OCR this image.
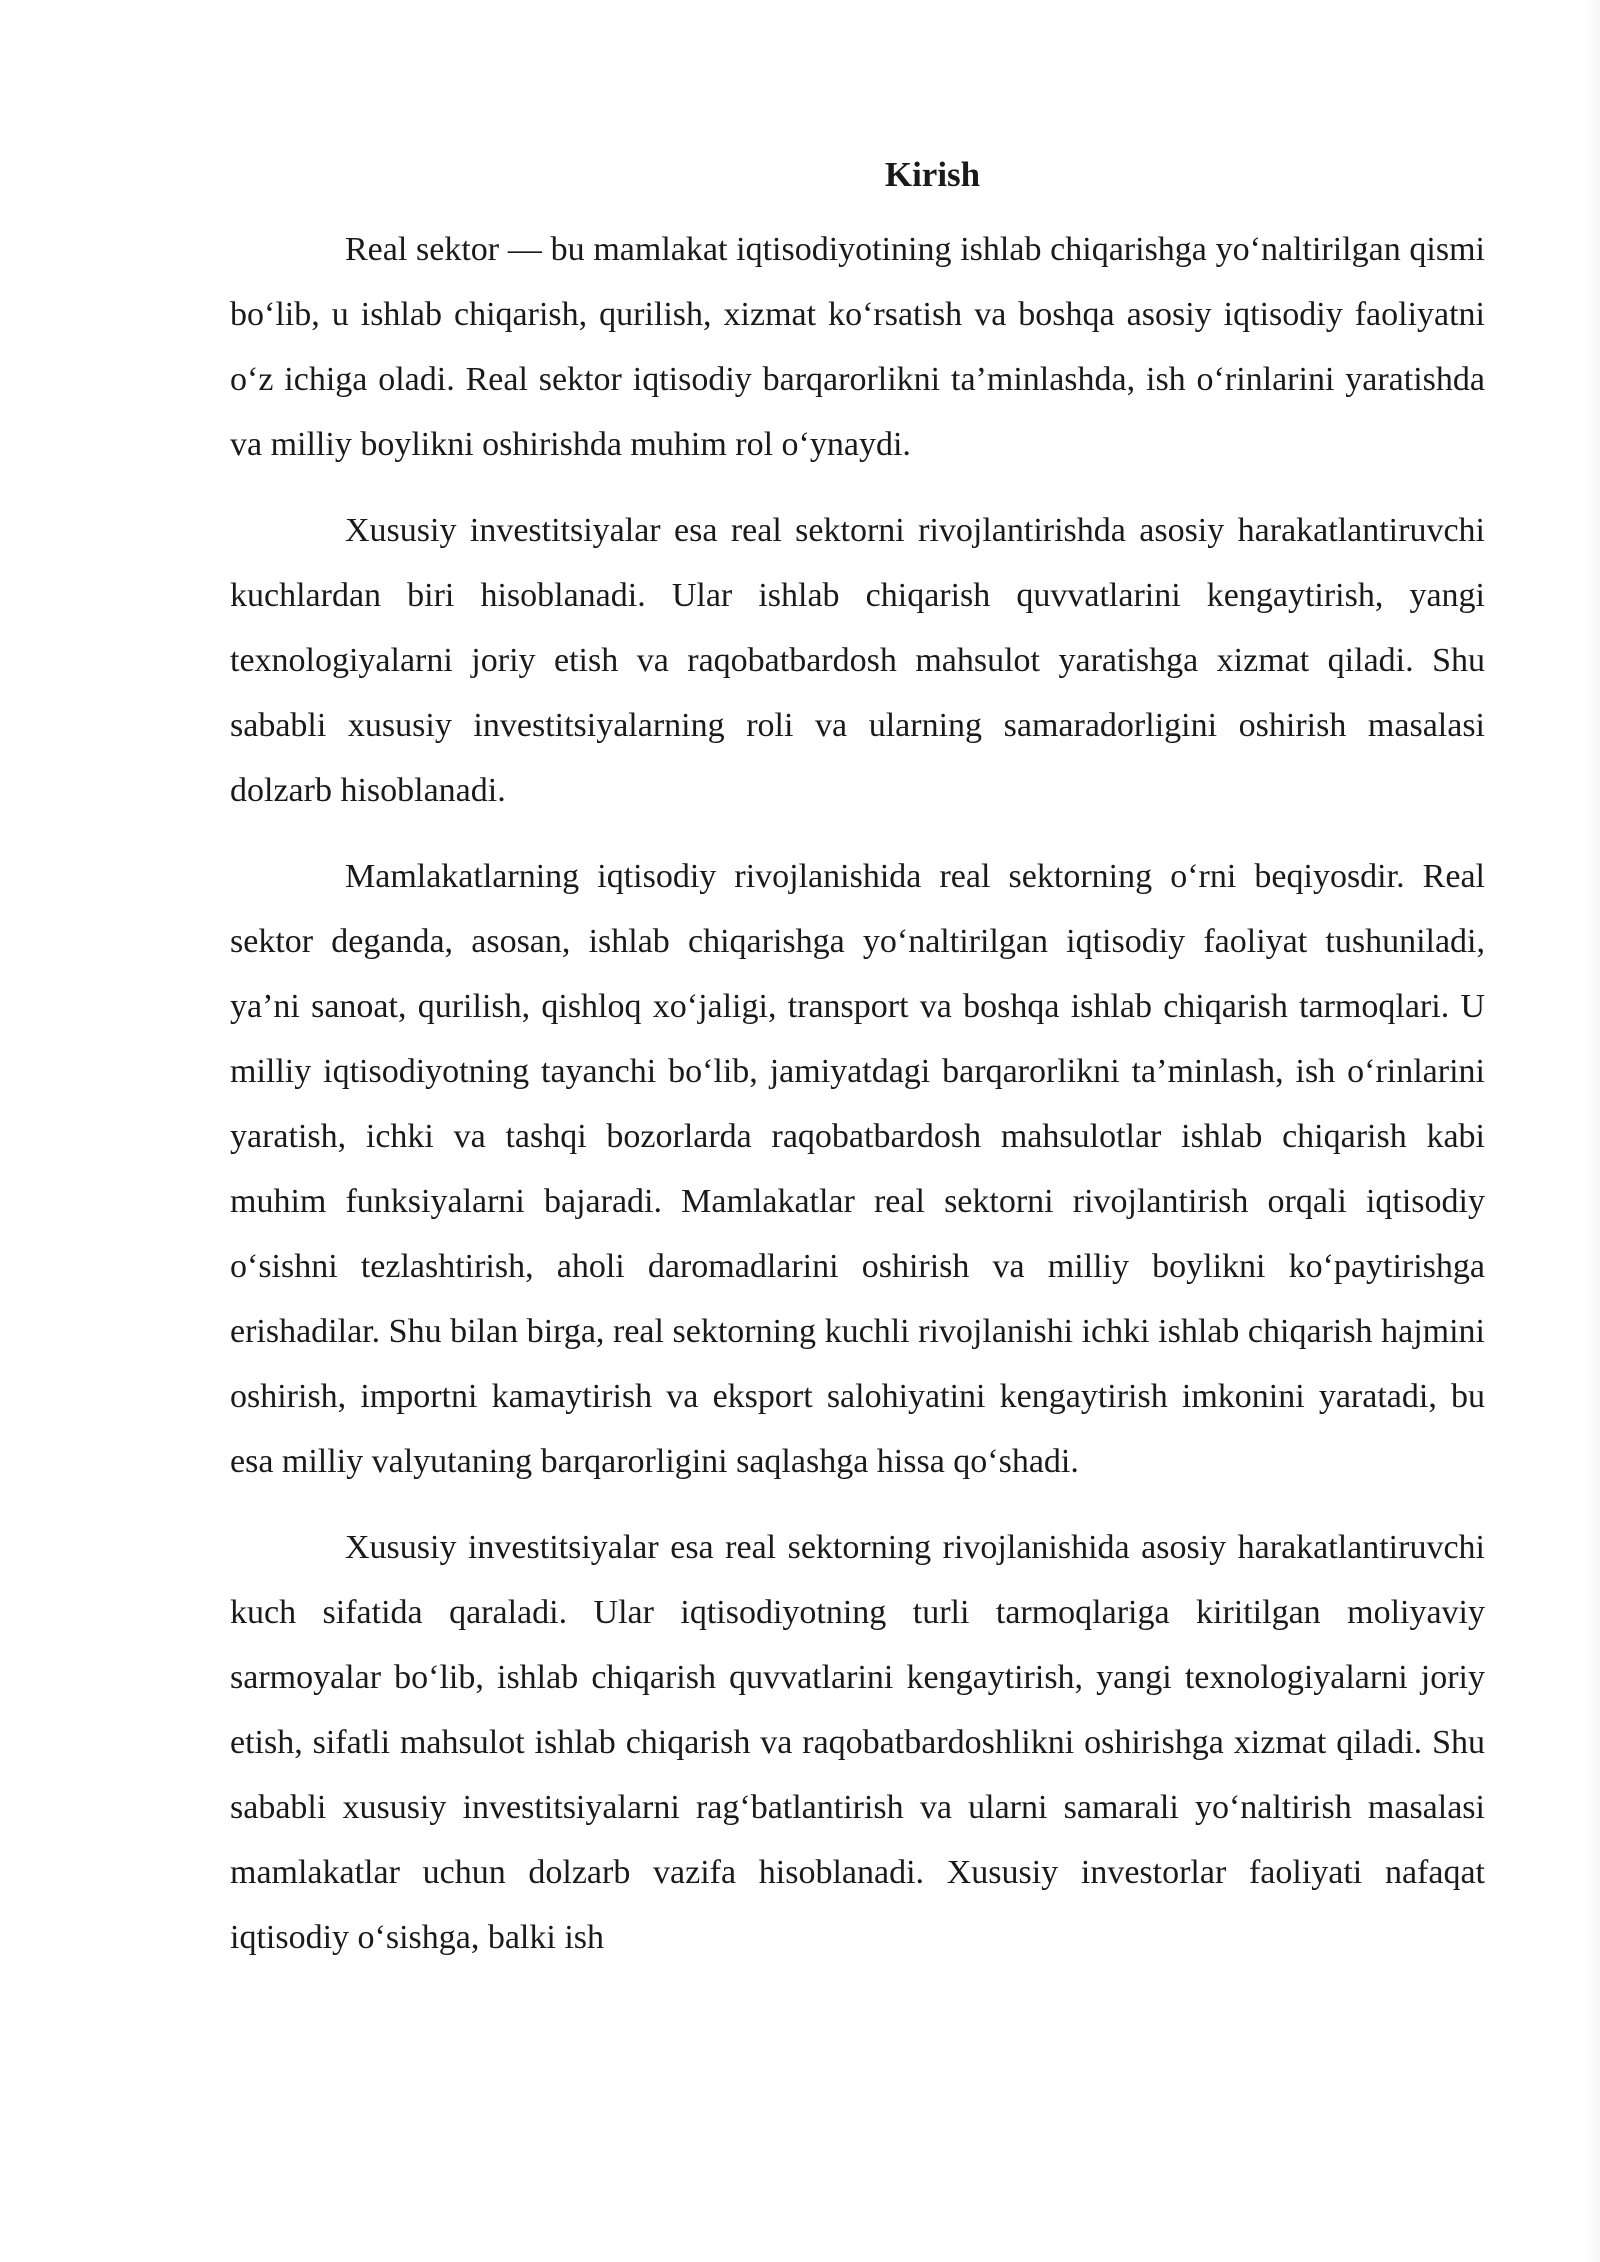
Kirish

Real sektor — bu mamlakat iqtisodiyotining ishlab chiqarishga yo‘naltirilgan qismi bo‘lib, u ishlab chiqarish, qurilish, xizmat ko‘rsatish va boshqa asosiy iqtisodiy faoliyatni o‘z ichiga oladi. Real sektor iqtisodiy barqarorlikni ta’minlashda, ish o‘rinlarini yaratishda va milliy boylikni oshirishda muhim rol o‘ynaydi.

Xususiy investitsiyalar esa real sektorni rivojlantirishda asosiy harakatlantiruvchi kuchlardan biri hisoblanadi. Ular ishlab chiqarish quvvatlarini kengaytirish, yangi texnologiyalarni joriy etish va raqobatbardosh mahsulot yaratishga xizmat qiladi. Shu sababli xususiy investitsiyalarning roli va ularning samaradorligini oshirish masalasi dolzarb hisoblanadi.

Mamlakatlarning iqtisodiy rivojlanishida real sektorning o‘rni beqiyosdir. Real sektor deganda, asosan, ishlab chiqarishga yo‘naltirilgan iqtisodiy faoliyat tushuniladi, ya’ni sanoat, qurilish, qishloq xo‘jaligi, transport va boshqa ishlab chiqarish tarmoqlari. U milliy iqtisodiyotning tayanchi bo‘lib, jamiyatdagi barqarorlikni ta’minlash, ish o‘rinlarini yaratish, ichki va tashqi bozorlarda raqobatbardosh mahsulotlar ishlab chiqarish kabi muhim funksiyalarni bajaradi. Mamlakatlar real sektorni rivojlantirish orqali iqtisodiy o‘sishni tezlashtirish, aholi daromadlarini oshirish va milliy boylikni ko‘paytirishga erishadilar. Shu bilan birga, real sektorning kuchli rivojlanishi ichki ishlab chiqarish hajmini oshirish, importni kamaytirish va eksport salohiyatini kengaytirish imkonini yaratadi, bu esa milliy valyutaning barqarorligini saqlashga hissa qo‘shadi.

Xususiy investitsiyalar esa real sektorning rivojlanishida asosiy harakatlantiruvchi kuch sifatida qaraladi. Ular iqtisodiyotning turli tarmoqlariga kiritilgan moliyaviy sarmoyalar bo‘lib, ishlab chiqarish quvvatlarini kengaytirish, yangi texnologiyalarni joriy etish, sifatli mahsulot ishlab chiqarish va raqobatbardoshlikni oshirishga xizmat qiladi. Shu sababli xususiy investitsiyalarni rag‘batlantirish va ularni samarali yo‘naltirish masalasi mamlakatlar uchun dolzarb vazifa hisoblanadi. Xususiy investorlar faoliyati nafaqat iqtisodiy o‘sishga, balki ish
